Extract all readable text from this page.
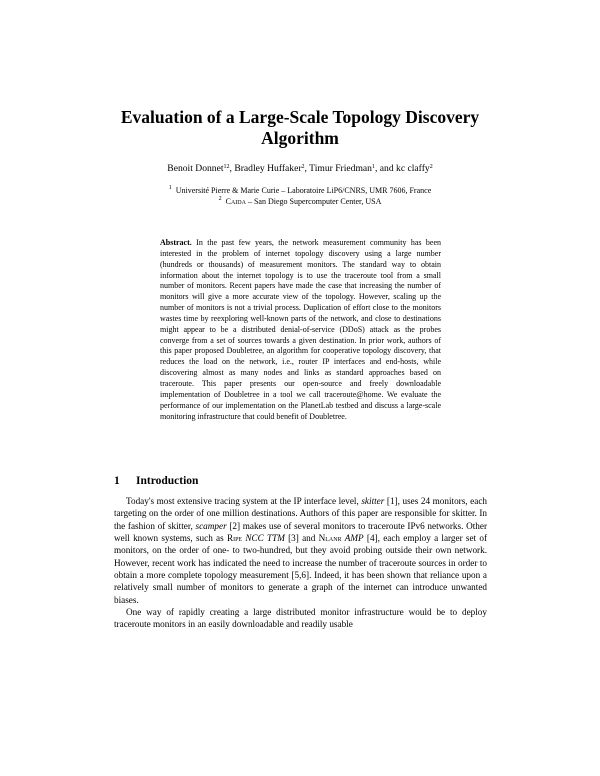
Evaluation of a Large-Scale Topology Discovery Algorithm
Benoit Donnet$^{12}$, Bradley Huffaker$^2$, Timur Friedman$^1$, and kc claffy$^2$
$^1$ Université Pierre & Marie Curie – Laboratoire LiP6/CNRS, UMR 7606, France
$^2$ Caida – San Diego Supercomputer Center, USA
Abstract. In the past few years, the network measurement community has been interested in the problem of internet topology discovery using a large number (hundreds or thousands) of measurement monitors. The standard way to obtain information about the internet topology is to use the traceroute tool from a small number of monitors. Recent papers have made the case that increasing the number of monitors will give a more accurate view of the topology. However, scaling up the number of monitors is not a trivial process. Duplication of effort close to the monitors wastes time by reexploring well-known parts of the network, and close to destinations might appear to be a distributed denial-of-service (DDoS) attack as the probes converge from a set of sources towards a given destination. In prior work, authors of this paper proposed Doubletree, an algorithm for cooperative topology discovery, that reduces the load on the network, i.e., router IP interfaces and end-hosts, while discovering almost as many nodes and links as standard approaches based on traceroute. This paper presents our open-source and freely downloadable implementation of Doubletree in a tool we call traceroute@home. We evaluate the performance of our implementation on the PlanetLab testbed and discuss a large-scale monitoring infrastructure that could benefit of Doubletree.
1 Introduction

Today's most extensive tracing system at the IP interface level, skitter [1], uses 24 monitors, each targeting on the order of one million destinations. Authors of this paper are responsible for skitter. In the fashion of skitter, scamper [2] makes use of several monitors to traceroute IPv6 networks. Other well known systems, such as Ripe NCC TTM [3] and Nlanr AMP [4], each employ a larger set of monitors, on the order of one- to two-hundred, but they avoid probing outside their own network. However, recent work has indicated the need to increase the number of traceroute sources in order to obtain a more complete topology measurement [5,6]. Indeed, it has been shown that reliance upon a relatively small number of monitors to generate a graph of the internet can introduce unwanted biases.

One way of rapidly creating a large distributed monitor infrastructure would be to deploy traceroute monitors in an easily downloadable and readily usable
